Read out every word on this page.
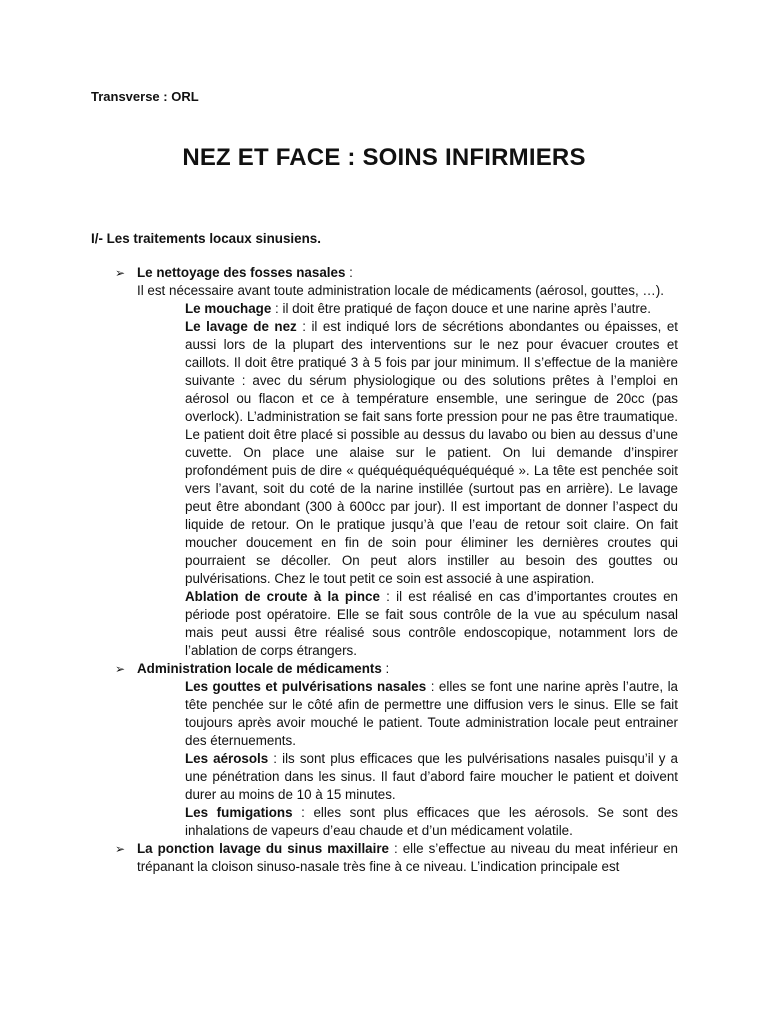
Transverse : ORL
NEZ ET FACE : SOINS INFIRMIERS
I/- Les traitements locaux sinusiens.
➢ Le nettoyage des fosses nasales :
Il est nécessaire avant toute administration locale de médicaments (aérosol, gouttes, …).
Le mouchage : il doit être pratiqué de façon douce et une narine après l’autre.
Le lavage de nez : il est indiqué lors de sécrétions abondantes ou épaisses, et aussi lors de la plupart des interventions sur le nez pour évacuer croutes et caillots. Il doit être pratiqué 3 à 5 fois par jour minimum. Il s’effectue de la manière suivante : avec du sérum physiologique ou des solutions prêtes à l’emploi en aérosol ou flacon et ce à température ensemble, une seringue de 20cc (pas overlock). L’administration se fait sans forte pression pour ne pas être traumatique. Le patient doit être placé si possible au dessus du lavabo ou bien au dessus d’une cuvette. On place une alaise sur le patient. On lui demande d’inspirer profondément puis de dire « quéquéquéquéquéquéqué ». La tête est penchée soit vers l’avant, soit du coté de la narine instillée (surtout pas en arrière). Le lavage peut être abondant (300 à 600cc par jour). Il est important de donner l’aspect du liquide de retour. On le pratique jusqu’à que l’eau de retour soit claire. On fait moucher doucement en fin de soin pour éliminer les dernières croutes qui pourraient se décoller. On peut alors instiller au besoin des gouttes ou pulvérisations. Chez le tout petit ce soin est associé à une aspiration.
Ablation de croute à la pince : il est réalisé en cas d’importantes croutes en période post opératoire. Elle se fait sous contrôle de la vue au spéculum nasal mais peut aussi être réalisé sous contrôle endoscopique, notamment lors de l’ablation de corps étrangers.
➢ Administration locale de médicaments :
Les gouttes et pulvérisations nasales : elles se font une narine après l’autre, la tête penchée sur le côté afin de permettre une diffusion vers le sinus. Elle se fait toujours après avoir mouché le patient. Toute administration locale peut entrainer des éternuements.
Les aérosols : ils sont plus efficaces que les pulvérisations nasales puisqu’il y a une pénétration dans les sinus. Il faut d’abord faire moucher le patient et doivent durer au moins de 10 à 15 minutes.
Les fumigations : elles sont plus efficaces que les aérosols. Se sont des inhalations de vapeurs d’eau chaude et d’un médicament volatile.
➢ La ponction lavage du sinus maxillaire : elle s’effectue au niveau du meat inférieur en trépanant la cloison sinuso-nasale très fine à ce niveau. L’indication principale est
